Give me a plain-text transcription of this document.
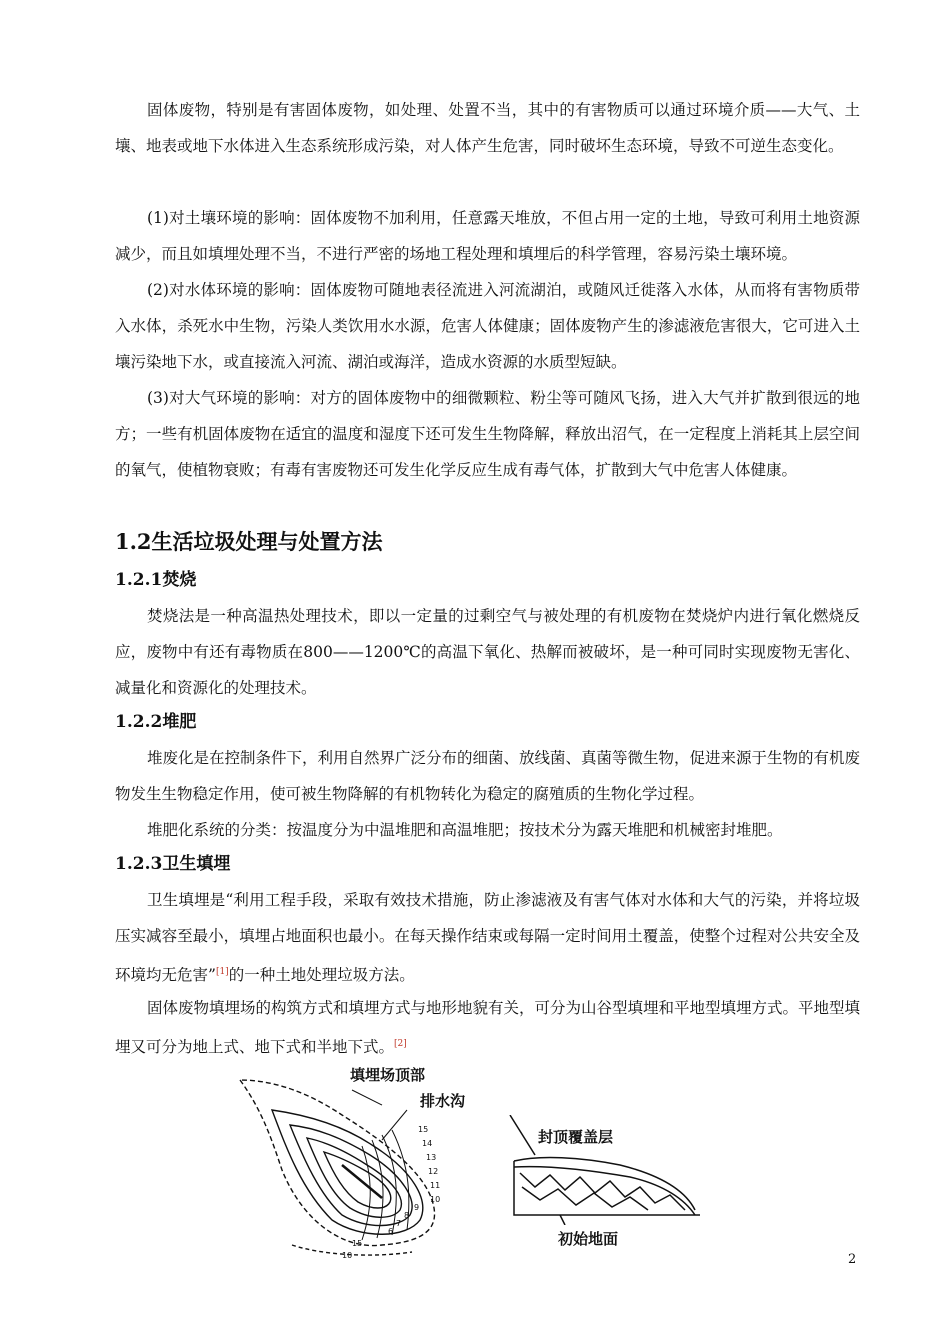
固体废物，特别是有害固体废物，如处理、处置不当，其中的有害物质可以通过环境介质——大气、土壤、地表或地下水体进入生态系统形成污染，对人体产生危害，同时破坏生态环境，导致不可逆生态变化。

(1)对土壤环境的影响：固体废物不加利用，任意露天堆放，不但占用一定的土地，导致可利用土地资源减少，而且如填埋处理不当，不进行严密的场地工程处理和填埋后的科学管理，容易污染土壤环境。

(2)对水体环境的影响：固体废物可随地表径流进入河流湖泊，或随风迁徙落入水体，从而将有害物质带入水体，杀死水中生物，污染人类饮用水水源，危害人体健康；固体废物产生的渗滤液危害很大，它可进入土壤污染地下水，或直接流入河流、湖泊或海洋，造成水资源的水质型短缺。

(3)对大气环境的影响：对方的固体废物中的细微颗粒、粉尘等可随风飞扬，进入大气并扩散到很远的地方；一些有机固体废物在适宜的温度和湿度下还可发生生物降解，释放出沼气，在一定程度上消耗其上层空间的氧气，使植物衰败；有毒有害废物还可发生化学反应生成有毒气体，扩散到大气中危害人体健康。

1.2生活垃圾处理与处置方法
1.2.1焚烧

焚烧法是一种高温热处理技术，即以一定量的过剩空气与被处理的有机废物在焚烧炉内进行氧化燃烧反应，废物中有还有毒物质在800——1200℃的高温下氧化、热解而被破坏，是一种可同时实现废物无害化、减量化和资源化的处理技术。

1.2.2堆肥

堆废化是在控制条件下，利用自然界广泛分布的细菌、放线菌、真菌等微生物，促进来源于生物的有机废物发生生物稳定作用，使可被生物降解的有机物转化为稳定的腐殖质的生物化学过程。

堆肥化系统的分类：按温度分为中温堆肥和高温堆肥；按技术分为露天堆肥和机械密封堆肥。

1.2.3卫生填埋

卫生填埋是“利用工程手段，采取有效技术措施，防止渗滤液及有害气体对水体和大气的污染，并将垃圾压实减容至最小，填埋占地面积也最小。在每天操作结束或每隔一定时间用土覆盖，使整个过程对公共安全及环境均无危害”[1]的一种土地处理垃圾方法。

固体废物填埋场的构筑方式和填埋方式与地形地貌有关，可分为山谷型填埋和平地型填埋方式。平地型填埋又可分为地上式、地下式和半地下式。[2]

15
14
13
12
11
10
9
8
7
6
15
10
填埋场顶部
排水沟
封顶覆盖层
初始地面
2
